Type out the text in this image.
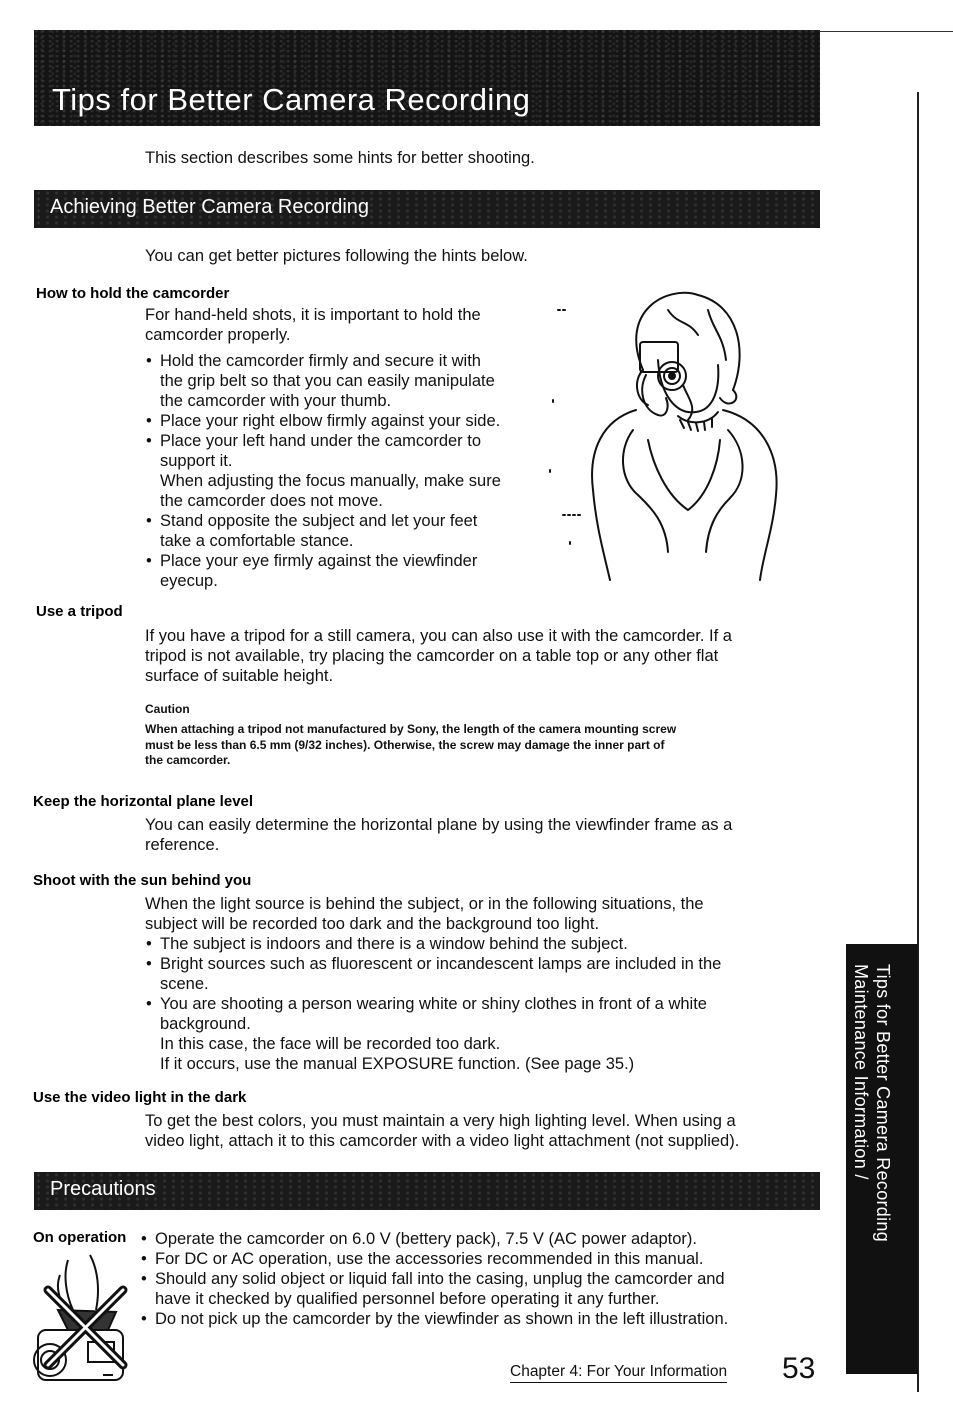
Tips for Better Camera Recording
This section describes some hints for better shooting.
Achieving Better Camera Recording
You can get better pictures following the hints below.
How to hold the camcorder
For hand-held shots, it is important to hold the
camcorder properly.
• Hold the camcorder firmly and secure it with
the grip belt so that you can easily manipulate
the camcorder with your thumb.
• Place your right elbow firmly against your side.
• Place your left hand under the camcorder to
support it.
When adjusting the focus manually, make sure
the camcorder does not move.
• Stand opposite the subject and let your feet
take a comfortable stance.
• Place your eye firmly against the viewfinder
eyecup.
Use a tripod
If you have a tripod for a still camera, you can also use it with the camcorder. If a
tripod is not available, try placing the camcorder on a table top or any other flat
surface of suitable height.
Caution
When attaching a tripod not manufactured by Sony, the length of the camera mounting screw
must be less than 6.5 mm (9/32 inches). Otherwise, the screw may damage the inner part of
the camcorder.
Keep the horizontal plane level
You can easily determine the horizontal plane by using the viewfinder frame as a
reference.
Shoot with the sun behind you
When the light source is behind the subject, or in the following situations, the
subject will be recorded too dark and the background too light.
• The subject is indoors and there is a window behind the subject.
• Bright sources such as fluorescent or incandescent lamps are included in the
scene.
• You are shooting a person wearing white or shiny clothes in front of a white
background.
In this case, the face will be recorded too dark.
If it occurs, use the manual EXPOSURE function. (See page 35.)
Use the video light in the dark
To get the best colors, you must maintain a very high lighting level. When using a
video light, attach it to this camcorder with a video light attachment (not supplied).
Precautions
On operation
• Operate the camcorder on 6.0 V (bettery pack), 7.5 V (AC power adaptor).
• For DC or AC operation, use the accessories recommended in this manual.
• Should any solid object or liquid fall into the casing, unplug the camcorder and
have it checked by qualified personnel before operating it any further.
• Do not pick up the camcorder by the viewfinder as shown in the left illustration.
Maintenance Information / Tips for Better Camera Recording
Chapter 4: For Your Information 53
